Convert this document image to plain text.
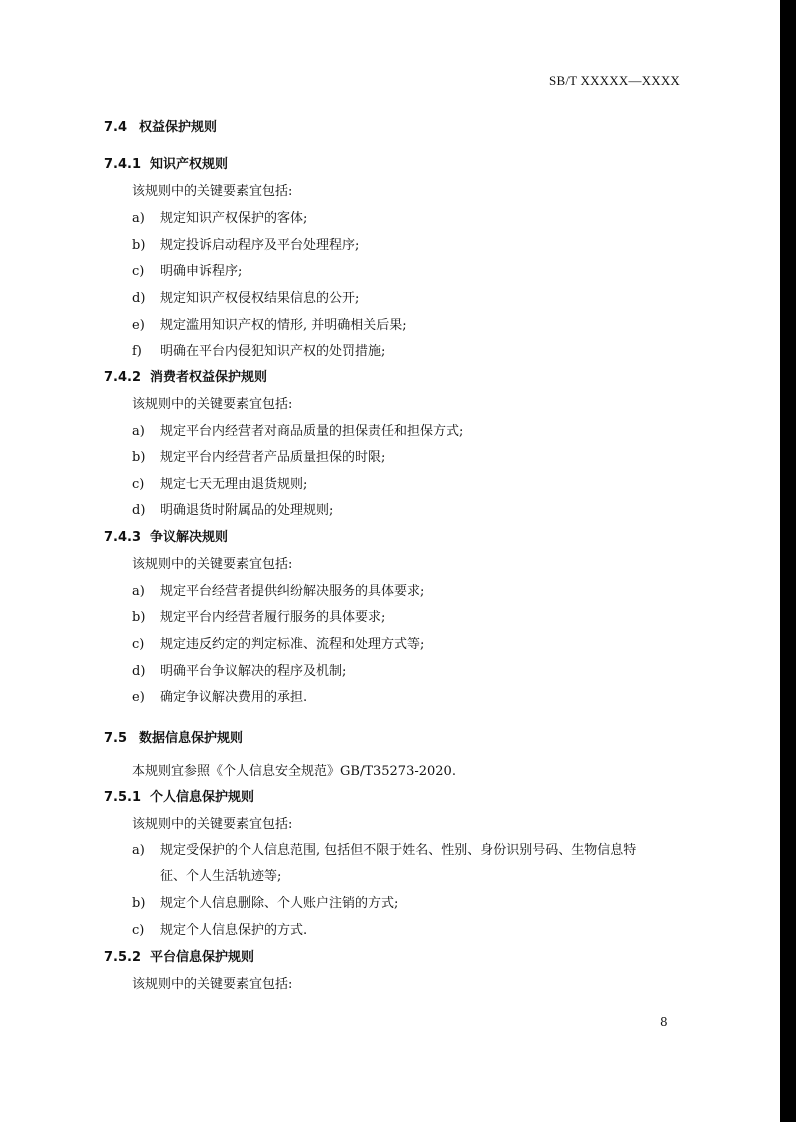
SB/T XXXXX—XXXX
7.4 权益保护规则
7.4.1 知识产权规则
该规则中的关键要素宜包括:
a) 规定知识产权保护的客体;
b) 规定投诉启动程序及平台处理程序;
c) 明确申诉程序;
d) 规定知识产权侵权结果信息的公开;
e) 规定滥用知识产权的情形, 并明确相关后果;
f) 明确在平台内侵犯知识产权的处罚措施;
7.4.2 消费者权益保护规则
该规则中的关键要素宜包括:
a) 规定平台内经营者对商品质量的担保责任和担保方式;
b) 规定平台内经营者产品质量担保的时限;
c) 规定七天无理由退货规则;
d) 明确退货时附属品的处理规则;
7.4.3 争议解决规则
该规则中的关键要素宜包括:
a) 规定平台经营者提供纠纷解决服务的具体要求;
b) 规定平台内经营者履行服务的具体要求;
c) 规定违反约定的判定标准、流程和处理方式等;
d) 明确平台争议解决的程序及机制;
e) 确定争议解决费用的承担.
7.5 数据信息保护规则
本规则宜参照《个人信息安全规范》GB/T35273-2020.
7.5.1 个人信息保护规则
该规则中的关键要素宜包括:
a) 规定受保护的个人信息范围, 包括但不限于姓名、性别、身份识别号码、生物信息特
征、个人生活轨迹等;
b) 规定个人信息删除、个人账户注销的方式;
c) 规定个人信息保护的方式.
7.5.2 平台信息保护规则
该规则中的关键要素宜包括:
8
